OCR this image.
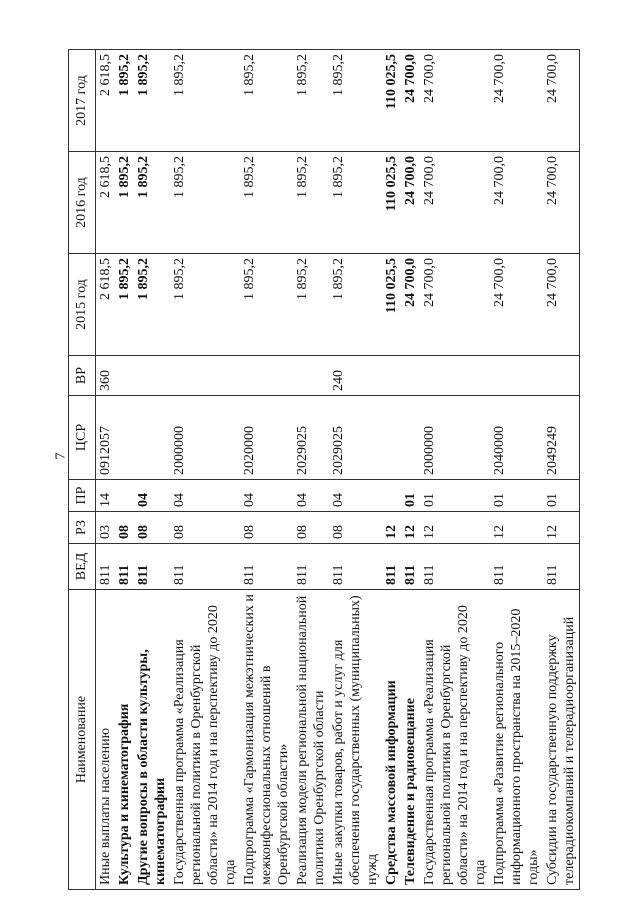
7
Наименование	ВЕД	РЗ	ПР	ЦСР	ВР	2015 год	2016 год	2017 год
Иные выплаты населению	811	03	14	0912057	360	2 618,5	2 618,5	2 618,5
Культура и кинематография	811	08				1 895,2	1 895,2	1 895,2
Другие вопросы в области культуры, кинематографии	811	08	04			1 895,2	1 895,2	1 895,2
Государственная программа «Реализация региональной политики в Оренбургской области» на 2014 год и на перспективу до 2020 года	811	08	04	2000000		1 895,2	1 895,2	1 895,2
Подпрограмма «Гармонизация межэтнических и межконфессиональных отношений в Оренбургской области»	811	08	04	2020000		1 895,2	1 895,2	1 895,2
Реализация модели региональной национальной политики Оренбургской области	811	08	04	2029025		1 895,2	1 895,2	1 895,2
Иные закупки товаров, работ и услуг для обеспечения государственных (муниципальных) нужд	811	08	04	2029025	240	1 895,2	1 895,2	1 895,2
Средства массовой информации	811	12				110 025,5	110 025,5	110 025,5
Телевидение и радиовещание	811	12	01			24 700,0	24 700,0	24 700,0
Государственная программа «Реализация региональной политики в Оренбургской области» на 2014 год и на перспективу до 2020 года	811	12	01	2000000		24 700,0	24 700,0	24 700,0
Подпрограмма «Развитие регионального информационного пространства на 2015–2020 годы»	811	12	01	2040000		24 700,0	24 700,0	24 700,0
Субсидии на государственную поддержку телерадиокомпаний и телерадиоорганизаций	811	12	01	2049249		24 700,0	24 700,0	24 700,0
